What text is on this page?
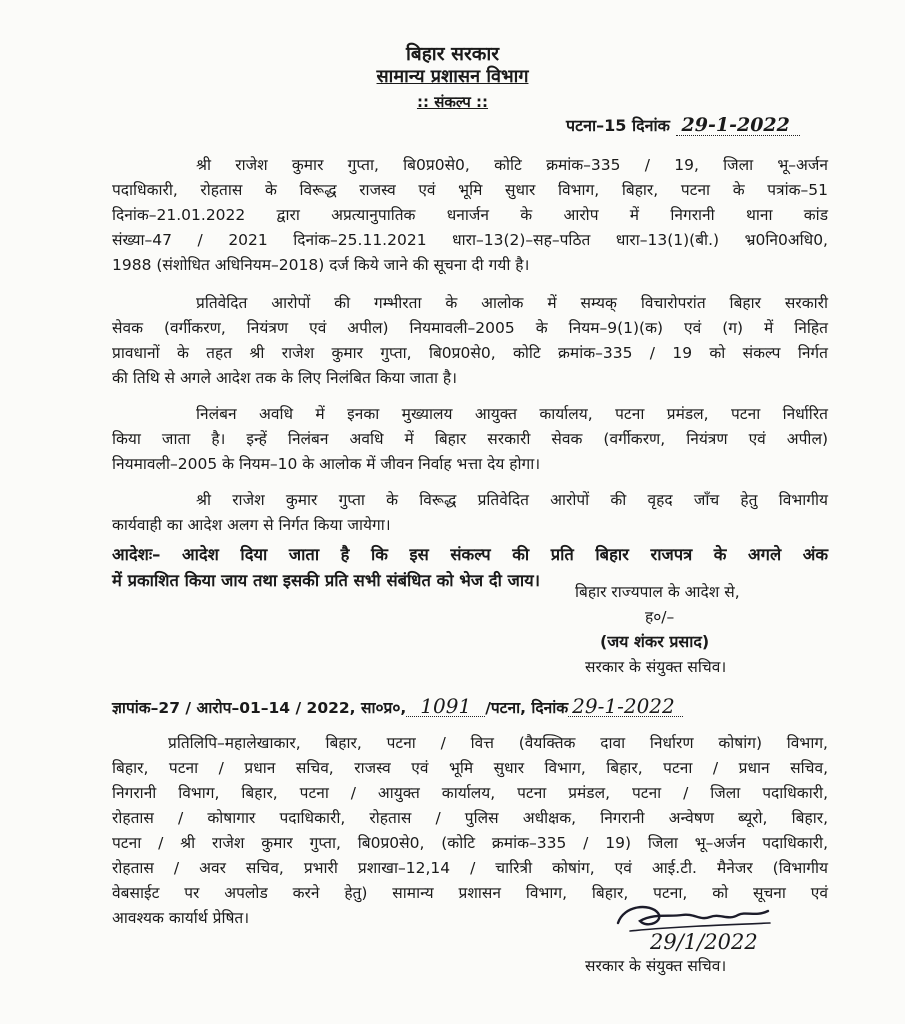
बिहार सरकार
सामान्य प्रशासन विभाग
:: संकल्प ::
पटना–15 दिनांक 29-1-2022
श्री राजेश कुमार गुप्ता, बि0प्र0से0, कोटि क्रमांक–335 / 19, जिला भू–अर्जन
पदाधिकारी, रोहतास के विरूद्ध राजस्व एवं भूमि सुधार विभाग, बिहार, पटना के पत्रांक–51
दिनांक–21.01.2022 द्वारा अप्रत्यानुपातिक धनार्जन के आरोप में निगरानी थाना कांड
संख्या–47 / 2021 दिनांक–25.11.2021 धारा–13(2)–सह–पठित धारा–13(1)(बी.) भ्र0नि0अधि0,
1988 (संशोधित अधिनियम–2018) दर्ज किये जाने की सूचना दी गयी है।
प्रतिवेदित आरोपों की गम्भीरता के आलोक में सम्यक् विचारोपरांत बिहार सरकारी
सेवक (वर्गीकरण, नियंत्रण एवं अपील) नियमावली–2005 के नियम–9(1)(क) एवं (ग) में निहित
प्रावधानों के तहत श्री राजेश कुमार गुप्ता, बि0प्र0से0, कोटि क्रमांक–335 / 19 को संकल्प निर्गत
की तिथि से अगले आदेश तक के लिए निलंबित किया जाता है।
निलंबन अवधि में इनका मुख्यालय आयुक्त कार्यालय, पटना प्रमंडल, पटना निर्धारित
किया जाता है। इन्हें निलंबन अवधि में बिहार सरकारी सेवक (वर्गीकरण, नियंत्रण एवं अपील)
नियमावली–2005 के नियम–10 के आलोक में जीवन निर्वाह भत्ता देय होगा।
श्री राजेश कुमार गुप्ता के विरूद्ध प्रतिवेदित आरोपों की वृहद जाँच हेतु विभागीय
कार्यवाही का आदेश अलग से निर्गत किया जायेगा।
आदेशः– आदेश दिया जाता है कि इस संकल्प की प्रति बिहार राजपत्र के अगले अंक
में प्रकाशित किया जाय तथा इसकी प्रति सभी संबंधित को भेज दी जाय।
बिहार राज्यपाल के आदेश से,
ह०/–
(जय शंकर प्रसाद)
सरकार के संयुक्त सचिव।
ज्ञापांक–27 / आरोप–01–14 / 2022, सा०प्र०, 1091 /पटना, दिनांक 29-1-2022
प्रतिलिपि–महालेखाकार, बिहार, पटना / वित्त (वैयक्तिक दावा निर्धारण कोषांग) विभाग,
बिहार, पटना / प्रधान सचिव, राजस्व एवं भूमि सुधार विभाग, बिहार, पटना / प्रधान सचिव,
निगरानी विभाग, बिहार, पटना / आयुक्त कार्यालय, पटना प्रमंडल, पटना / जिला पदाधिकारी,
रोहतास / कोषागार पदाधिकारी, रोहतास / पुलिस अधीक्षक, निगरानी अन्वेषण ब्यूरो, बिहार,
पटना / श्री राजेश कुमार गुप्ता, बि0प्र0से0, (कोटि क्रमांक–335 / 19) जिला भू–अर्जन पदाधिकारी,
रोहतास / अवर सचिव, प्रभारी प्रशाखा–12,14 / चारित्री कोषांग, एवं आई.टी. मैनेजर (विभागीय
वेबसाईट पर अपलोड करने हेतु) सामान्य प्रशासन विभाग, बिहार, पटना, को सूचना एवं
आवश्यक कार्यार्थ प्रेषित।
29/1/2022
सरकार के संयुक्त सचिव।
